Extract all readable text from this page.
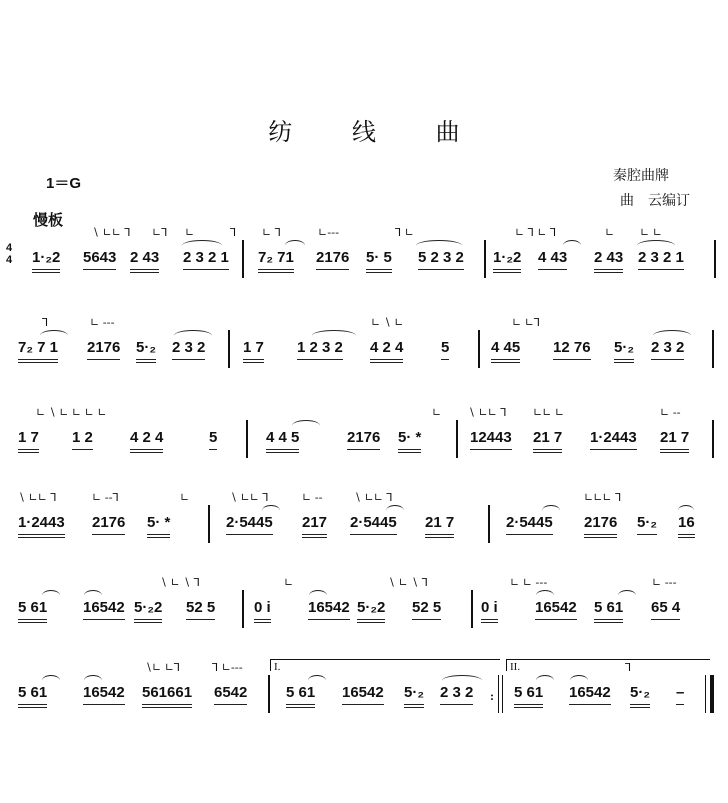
纺 线 曲
1＝G
慢板
秦腔曲牌
曲　云编订
4
4
∖ ∟∟ ⅂ ∟⅂ ∟	⅂ ∟ ⅂	∟‐‐‐	⅂ ∟	∟ ⅂ ∟ ⅂	∟ ∟ ∟
1·₂2 5643 2 43 2 3 2 1 7₂ 71 2176 5· 5 5 2 3 2 1·₂2 4 43 2 43 2 3 2 1
⅂	∟ ‐‐‐	∟ ∖ ∟	∟ ∟⅂
7₂ 7 1 2176 5·₂ 2 3 2	1 7 1 2 3 2 4 2 4	5	4 45 12 76 5·₂ 2 3 2
∟ ∖ ∟ ∟ ∟ ∟	∟ ∖ ∟∟ ⅂ ∟∟ ∟	∟ ‐‐
1 7 1 2 4 2 4	5	4 4 5	2176 5· *	12443 21 7 1·2443 21 7
∖ ∟∟ ⅂	∟ ‐‐⅂	∟	∖ ∟∟ ⅂	∟ ‐‐	∖ ∟∟ ⅂	∟∟∟ ⅂
1·2443 2176 5· *	2·5445 217 2·5445 21 7	2·5445 2176 5·₂ 16
∖ ∟ ∖ ⅂	∟	∖ ∟ ∖ ⅂	∟ ∟ ‐‐‐	∟ ‐‐‐
5 61 16542 5·₂2 52 5	0 i 16542 5·₂2 52 5	0 i 16542 5 61 65 4
:
I.	II.
∖∟ ∟⅂	⅂ ∟‐‐‐	⅂
5 61 16542 561661 6542	5 61 16542 5·₂ 2 3 2	5 61 16542 5·₂ –
